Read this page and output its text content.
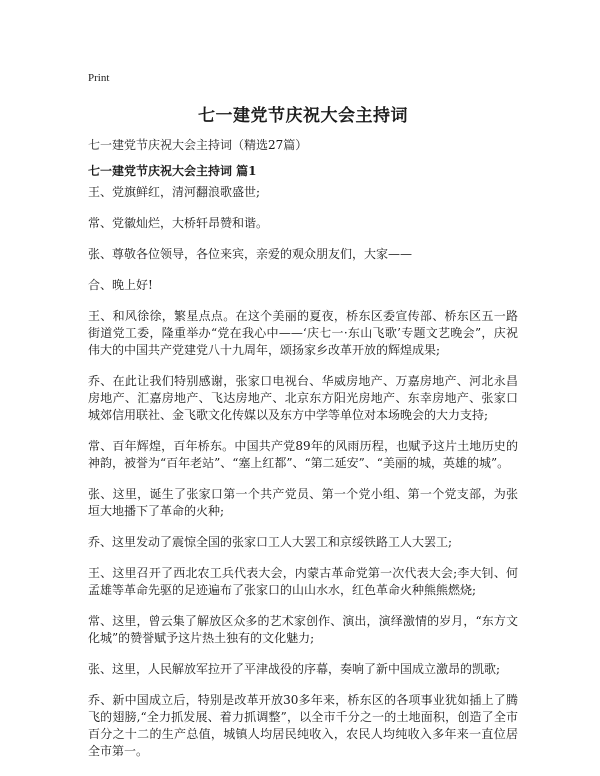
Print
七一建党节庆祝大会主持词

七一建党节庆祝大会主持词（精选27篇）

七一建党节庆祝大会主持词 篇1

王、党旗鲜红，清河翻浪歌盛世;

常、党徽灿烂，大桥轩昂赞和谐。

张、尊敬各位领导，各位来宾，亲爱的观众朋友们，大家——

合、晚上好!

王、和风徐徐，繁星点点。在这个美丽的夏夜，桥东区委宣传部、桥东区五一路街道党工委，隆重举办“党在我心中——‘庆七一·东山飞歌’专题文艺晚会”，庆祝伟大的中国共产党建党八十九周年，颂扬家乡改革开放的辉煌成果;

乔、在此让我们特别感谢，张家口电视台、华威房地产、万嘉房地产、河北永昌房地产、汇嘉房地产、飞达房地产、北京东方阳光房地产、东幸房地产、张家口城郊信用联社、金飞歌文化传媒以及东方中学等单位对本场晚会的大力支持;

常、百年辉煌，百年桥东。中国共产党89年的风雨历程，也赋予这片土地历史的神韵，被誉为“百年老站”、“塞上红都”、“第二延安”、“美丽的城，英雄的城”。

张、这里，诞生了张家口第一个共产党员、第一个党小组、第一个党支部，为张垣大地播下了革命的火种;

乔、这里发动了震惊全国的张家口工人大罢工和京绥铁路工人大罢工;

王、这里召开了西北农工兵代表大会，内蒙古革命党第一次代表大会;李大钊、何孟雄等革命先驱的足迹遍布了张家口的山山水水，红色革命火种熊熊燃烧;

常、这里，曾云集了解放区众多的艺术家创作、演出，演绎激情的岁月，“东方文化城”的赞誉赋予这片热土独有的文化魅力;

张、这里，人民解放军拉开了平津战役的序幕，奏响了新中国成立激昂的凯歌;

乔、新中国成立后，特别是改革开放30多年来，桥东区的各项事业犹如插上了腾飞的翅膀,“全力抓发展、着力抓调整”，以全市千分之一的土地面积，创造了全市百分之十二的生产总值，城镇人均居民纯收入，农民人均纯收入多年来一直位居全市第一。
